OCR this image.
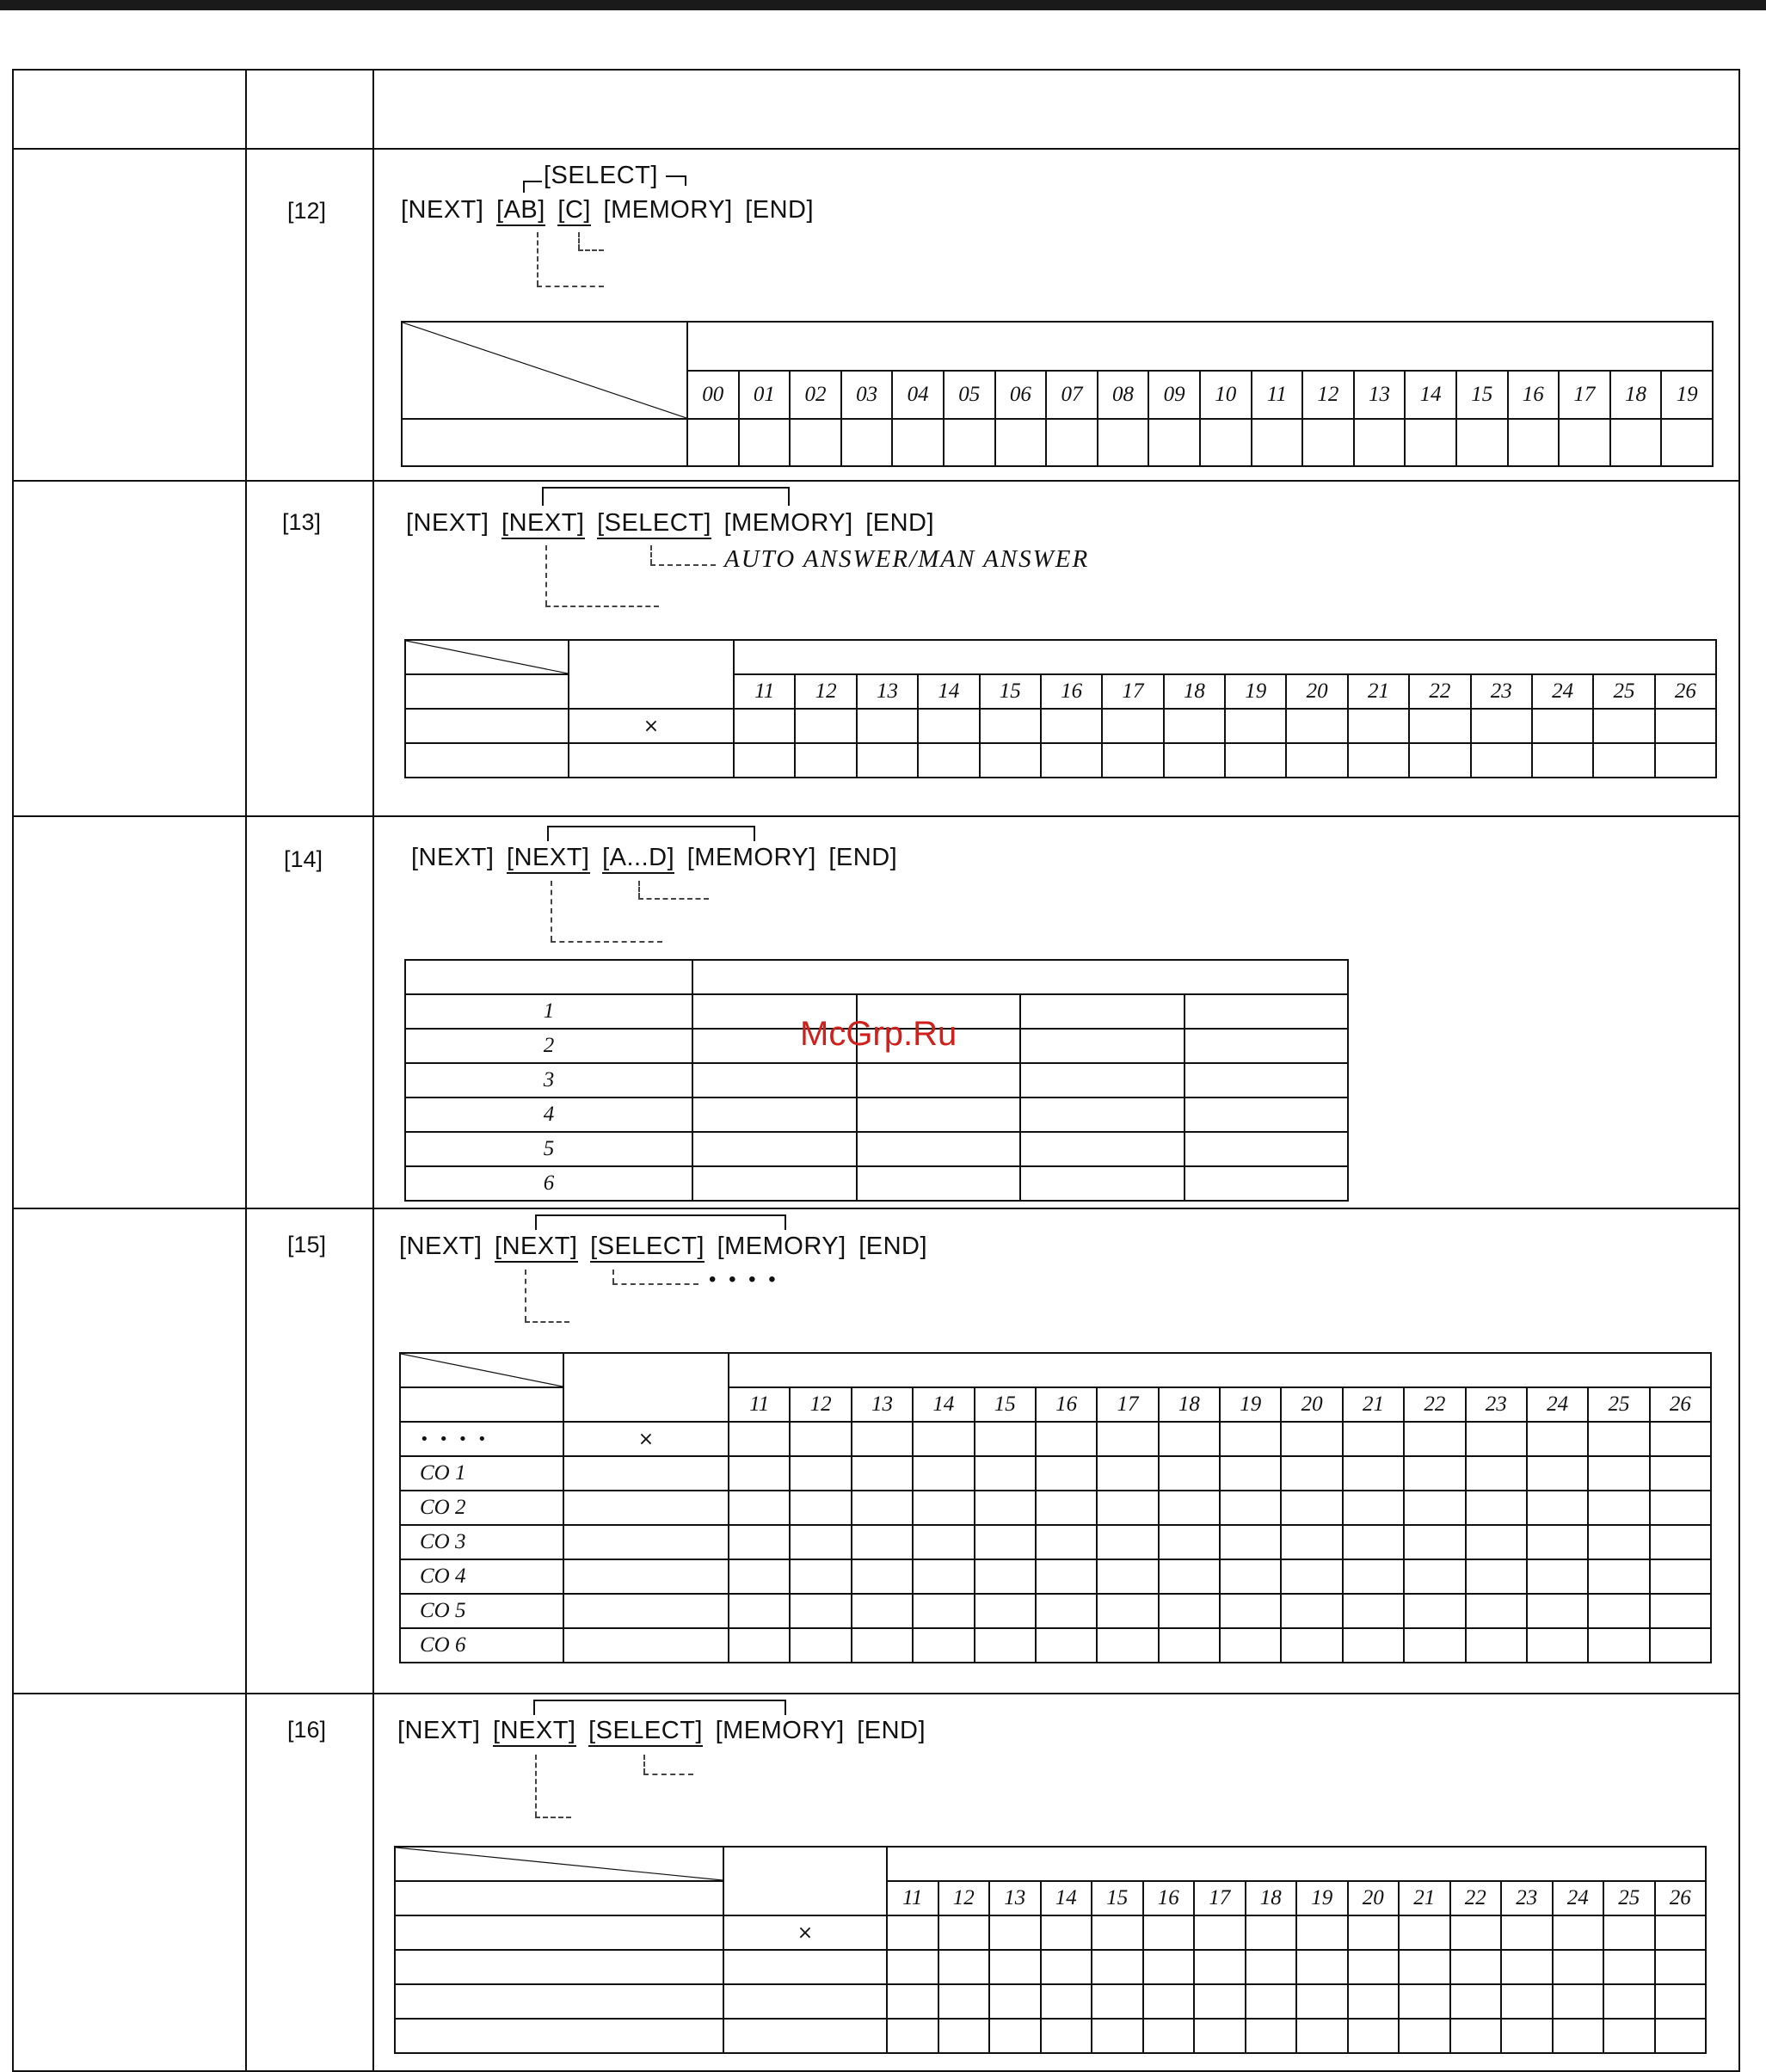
[12]	[NEXT] [AB] [C] [MEMORY] [END]
[SELECT]

	00	01	02	03	04	05	06	07	08	09	10	11	12	13	14	15	16	17	18	19

[13]	[NEXT] [NEXT] [SELECT] [MEMORY] [END]
AUTO ANSWER/MAN ANSWER

		11	12	13	14	15	16	17	18	19	20	21	22	23	24	25	26
	×																

[14]	[NEXT] [NEXT] [A...D] [MEMORY] [END]

1				
2				
3				
4				
5				
6				
McGrp.Ru
[15]	[NEXT] [NEXT] [SELECT] [MEMORY] [END]
• • • •

		11	12	13	14	15	16	17	18	19	20	21	22	23	24	25	26
• • • •	×																
CO 1																	
CO 2																	
CO 3																	
CO 4																	
CO 5																	
CO 6																	
[16]	[NEXT] [NEXT] [SELECT] [MEMORY] [END]

		11	12	13	14	15	16	17	18	19	20	21	22	23	24	25	26
	×																
